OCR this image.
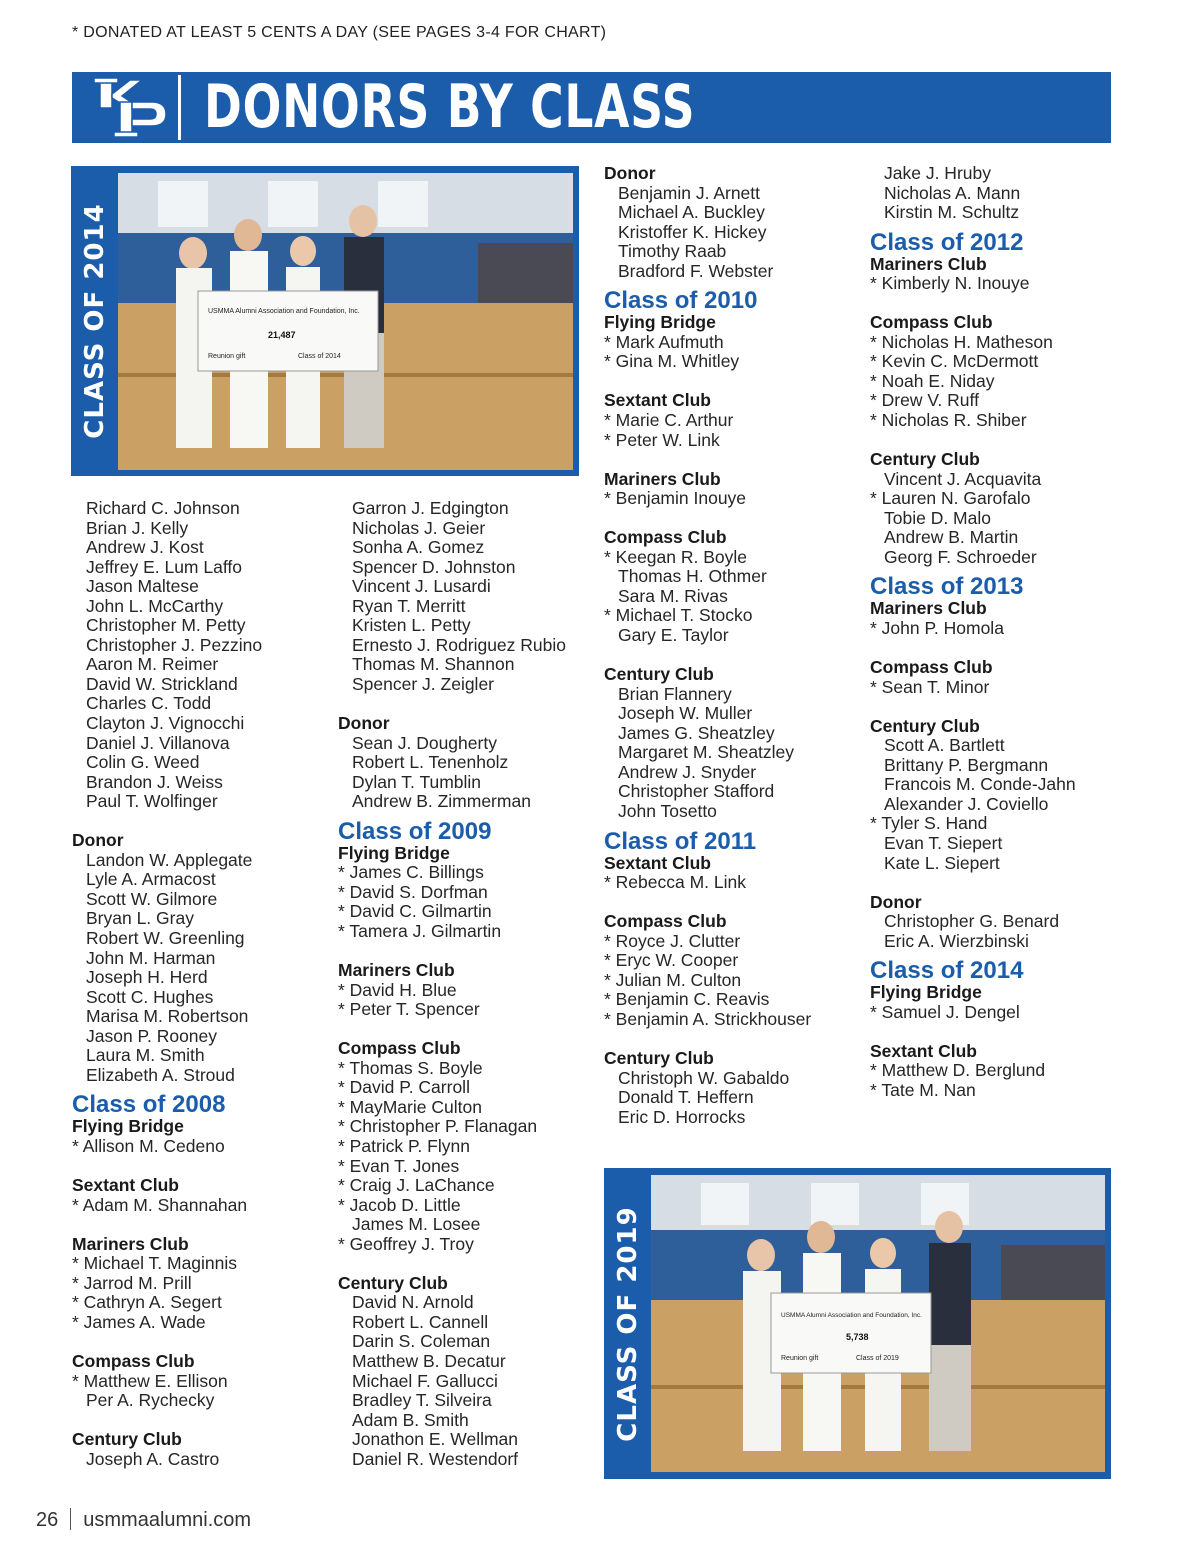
* DONATED AT LEAST 5 CENTS A DAY (SEE PAGES 3-4 FOR CHART)
DONORS BY CLASS
CLASS OF 2014	USMMA Alumni Association and Foundation, Inc.
21,487
Reunion gift	Class of 2014
CLASS OF 2019	USMMA Alumni Association and Foundation, Inc.
5,738
Reunion gift	Class of 2019
Richard C. Johnson
Brian J. Kelly
Andrew J. Kost
Jeffrey E. Lum Laffo
Jason Maltese
John L. McCarthy
Christopher M. Petty
Christopher J. Pezzino
Aaron M. Reimer
David W. Strickland
Charles C. Todd
Clayton J. Vignocchi
Daniel J. Villanova
Colin G. Weed
Brandon J. Weiss
Paul T. Wolfinger
Donor
Landon W. Applegate
Lyle A. Armacost
Scott W. Gilmore
Bryan L. Gray
Robert W. Greenling
John M. Harman
Joseph H. Herd
Scott C. Hughes
Marisa M. Robertson
Jason P. Rooney
Laura M. Smith
Elizabeth A. Stroud
Class of 2008
Flying Bridge
* Allison M. Cedeno
Sextant Club
* Adam M. Shannahan
Mariners Club
* Michael T. Maginnis
* Jarrod M. Prill
* Cathryn A. Segert
* James A. Wade
Compass Club
* Matthew E. Ellison
Per A. Rychecky
Century Club
Joseph A. Castro
Garron J. Edgington
Nicholas J. Geier
Sonha A. Gomez
Spencer D. Johnston
Vincent J. Lusardi
Ryan T. Merritt
Kristen L. Petty
Ernesto J. Rodriguez Rubio
Thomas M. Shannon
Spencer J. Zeigler
Donor
Sean J. Dougherty
Robert L. Tenenholz
Dylan T. Tumblin
Andrew B. Zimmerman
Class of 2009
Flying Bridge
* James C. Billings
* David S. Dorfman
* David C. Gilmartin
* Tamera J. Gilmartin
Mariners Club
* David H. Blue
* Peter T. Spencer
Compass Club
* Thomas S. Boyle
* David P. Carroll
* MayMarie Culton
* Christopher P. Flanagan
* Patrick P. Flynn
* Evan T. Jones
* Craig J. LaChance
* Jacob D. Little
James M. Losee
* Geoffrey J. Troy
Century Club
David N. Arnold
Robert L. Cannell
Darin S. Coleman
Matthew B. Decatur
Michael F. Gallucci
Bradley T. Silveira
Adam B. Smith
Jonathon E. Wellman
Daniel R. Westendorf
Donor
Benjamin J. Arnett
Michael A. Buckley
Kristoffer K. Hickey
Timothy Raab
Bradford F. Webster
Class of 2010
Flying Bridge
* Mark Aufmuth
* Gina M. Whitley
Sextant Club
* Marie C. Arthur
* Peter W. Link
Mariners Club
* Benjamin Inouye
Compass Club
* Keegan R. Boyle
Thomas H. Othmer
Sara M. Rivas
* Michael T. Stocko
Gary E. Taylor
Century Club
Brian Flannery
Joseph W. Muller
James G. Sheatzley
Margaret M. Sheatzley
Andrew J. Snyder
Christopher Stafford
John Tosetto
Class of 2011
Sextant Club
* Rebecca M. Link
Compass Club
* Royce J. Clutter
* Eryc W. Cooper
* Julian M. Culton
* Benjamin C. Reavis
* Benjamin A. Strickhouser
Century Club
Christoph W. Gabaldo
Donald T. Heffern
Eric D. Horrocks
Jake J. Hruby
Nicholas A. Mann
Kirstin M. Schultz
Class of 2012
Mariners Club
* Kimberly N. Inouye
Compass Club
* Nicholas H. Matheson
* Kevin C. McDermott
* Noah E. Niday
* Drew V. Ruff
* Nicholas R. Shiber
Century Club
Vincent J. Acquavita
* Lauren N. Garofalo
Tobie D. Malo
Andrew B. Martin
Georg F. Schroeder
Class of 2013
Mariners Club
* John P. Homola
Compass Club
* Sean T. Minor
Century Club
Scott A. Bartlett
Brittany P. Bergmann
Francois M. Conde-Jahn
Alexander J. Coviello
* Tyler S. Hand
Evan T. Siepert
Kate L. Siepert
Donor
Christopher G. Benard
Eric A. Wierzbinski
Class of 2014
Flying Bridge
* Samuel J. Dengel
Sextant Club
* Matthew D. Berglund
* Tate M. Nan
26 usmmaalumni.com
